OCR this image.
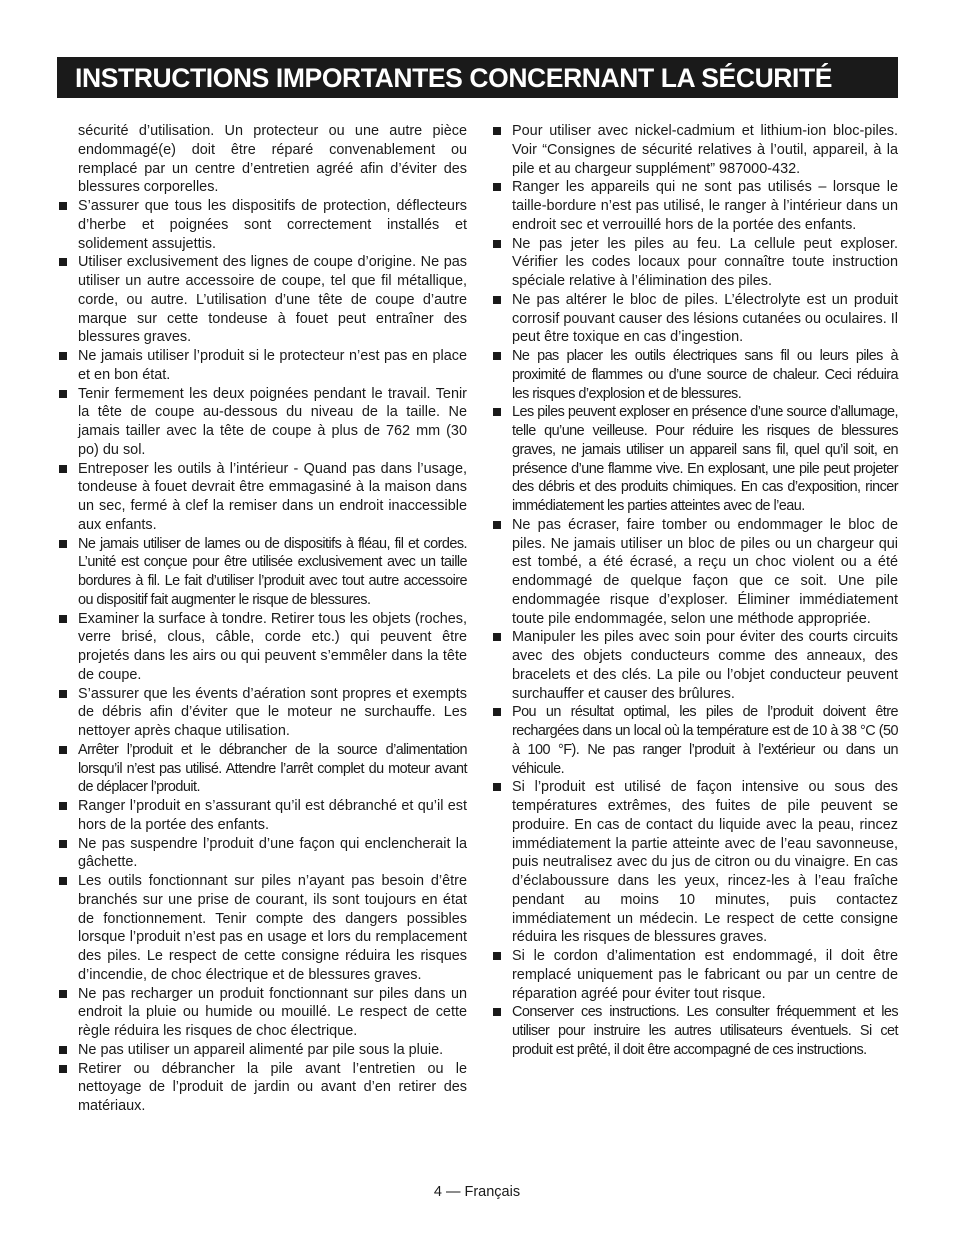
INSTRUCTIONS IMPORTANTES CONCERNANT LA SÉCURITÉ

sécurité d’utilisation. Un protecteur ou une autre pièce endommagé(e) doit être réparé convenablement ou remplacé par un centre d’entretien agréé afin d’éviter des blessures corporelles.

S’assurer que tous les dispositifs de protection, déflecteurs d’herbe et poignées sont correctement installés et solidement assujettis.

Utiliser exclusivement des lignes de coupe d’origine. Ne pas utiliser un autre accessoire de coupe, tel que fil métallique, corde, ou autre. L’utilisation d’une tête de coupe d’autre marque sur cette tondeuse à fouet peut entraîner des blessures graves.

Ne jamais utiliser l’produit si le protecteur n’est pas en place et en bon état.

Tenir fermement les deux poignées pendant le travail. Tenir la tête de coupe au-dessous du niveau de la taille. Ne jamais tailler avec la tête de coupe à plus de 762 mm (30 po) du sol.

Entreposer les outils à l’intérieur - Quand pas dans l’usage, tondeuse à fouet devrait être emmagasiné à la maison dans un sec, fermé à clef la remiser dans un endroit inaccessible aux enfants.

Ne jamais utiliser de lames ou de dispositifs à fléau, fil et cordes. L’unité est conçue pour être utilisée exclusivement avec un taille bordures à fil. Le fait d’utiliser l’produit avec tout autre accessoire ou dispositif fait augmenter le risque de blessures.

Examiner la surface à tondre. Retirer tous les objets (roches, verre brisé, clous, câble, corde etc.) qui peuvent être projetés dans les airs ou qui peuvent s’emmêler dans la tête de coupe.

S’assurer que les évents d’aération sont propres et exempts de débris afin d’éviter que le moteur ne surchauffe. Les nettoyer après chaque utilisation.

Arrêter l’produit et le débrancher de la source d’alimentation lorsqu’il n’est pas utilisé. Attendre l’arrêt complet du moteur avant de déplacer l’produit.

Ranger l’produit en s’assurant qu’il est débranché et qu’il est hors de la portée des enfants.

Ne pas suspendre l’produit d’une façon qui enclencherait la gâchette.

Les outils fonctionnant sur piles n’ayant pas besoin d’être branchés sur une prise de courant, ils sont toujours en état de fonctionnement. Tenir compte des dangers possibles lorsque l’produit n’est pas en usage et lors du remplacement des piles. Le respect de cette consigne réduira les risques d’incendie, de choc électrique et de blessures graves.

Ne pas recharger un produit fonctionnant sur piles dans un endroit la pluie ou humide ou mouillé. Le respect de cette règle réduira les risques de choc électrique.

Ne pas utiliser un appareil alimenté par pile sous la pluie.

Retirer ou débrancher la pile avant l’entretien ou le nettoyage de l’produit de jardin ou avant d’en retirer des matériaux.

Pour utiliser avec nickel-cadmium et lithium-ion bloc-piles. Voir “Consignes de sécurité relatives à l’outil, appareil, à la pile et au chargeur supplément” 987000-432.

Ranger les appareils qui ne sont pas utilisés – lorsque le taille-bordure n’est pas utilisé, le ranger à l’intérieur dans un endroit sec et verrouillé hors de la portée des enfants.

Ne pas jeter les piles au feu. La cellule peut exploser. Vérifier les codes locaux pour connaître toute instruction spéciale relative à l’élimination des piles.

Ne pas altérer le bloc de piles. L’électrolyte est un produit corrosif pouvant causer des lésions cutanées ou oculaires. Il peut être toxique en cas d’ingestion.

Ne pas placer les outils électriques sans fil ou leurs piles à proximité de flammes ou d’une source de chaleur. Ceci réduira les risques d’explosion et de blessures.

Les piles peuvent exploser en présence d’une source d’allumage, telle qu’une veilleuse. Pour réduire les risques de blessures graves, ne jamais utiliser un appareil sans fil, quel qu’il soit, en présence d’une flamme vive. En explosant, une pile peut projeter des débris et des produits chimiques. En cas d’exposition, rincer immédiatement les parties atteintes avec de l’eau.

Ne pas écraser, faire tomber ou endommager le bloc de piles. Ne jamais utiliser un bloc de piles ou un chargeur qui est tombé, a été écrasé, a reçu un choc violent ou a été endommagé de quelque façon que ce soit. Une pile endommagée risque d’exploser. Éliminer immédiatement toute pile endommagée, selon une méthode appropriée.

Manipuler les piles avec soin pour éviter des courts circuits avec des objets conducteurs comme des anneaux, des bracelets et des clés. La pile ou l’objet conducteur peuvent surchauffer et causer des brûlures.

Pou un résultat optimal, les piles de l’produit doivent être rechargées dans un local où la température est de 10 à 38 °C (50 à 100 °F). Ne pas ranger l’produit à l’extérieur ou dans un véhicule.

Si l’produit est utilisé de façon intensive ou sous des températures extrêmes, des fuites de pile peuvent se produire. En cas de contact du liquide avec la peau, rincez immédiatement la partie atteinte avec de l’eau savonneuse, puis neutralisez avec du jus de citron ou du vinaigre. En cas d’éclaboussure dans les yeux, rincez-les à l’eau fraîche pendant au moins 10 minutes, puis contactez immédiatement un médecin. Le respect de cette consigne réduira les risques de blessures graves.

Si le cordon d’alimentation est endommagé, il doit être remplacé uniquement pas le fabricant ou par un centre de réparation agréé pour éviter tout risque.

Conserver ces instructions. Les consulter fréquemment et les utiliser pour instruire les autres utilisateurs éventuels. Si cet produit est prêté, il doit être accompagné de ces instructions.

4 — Français
